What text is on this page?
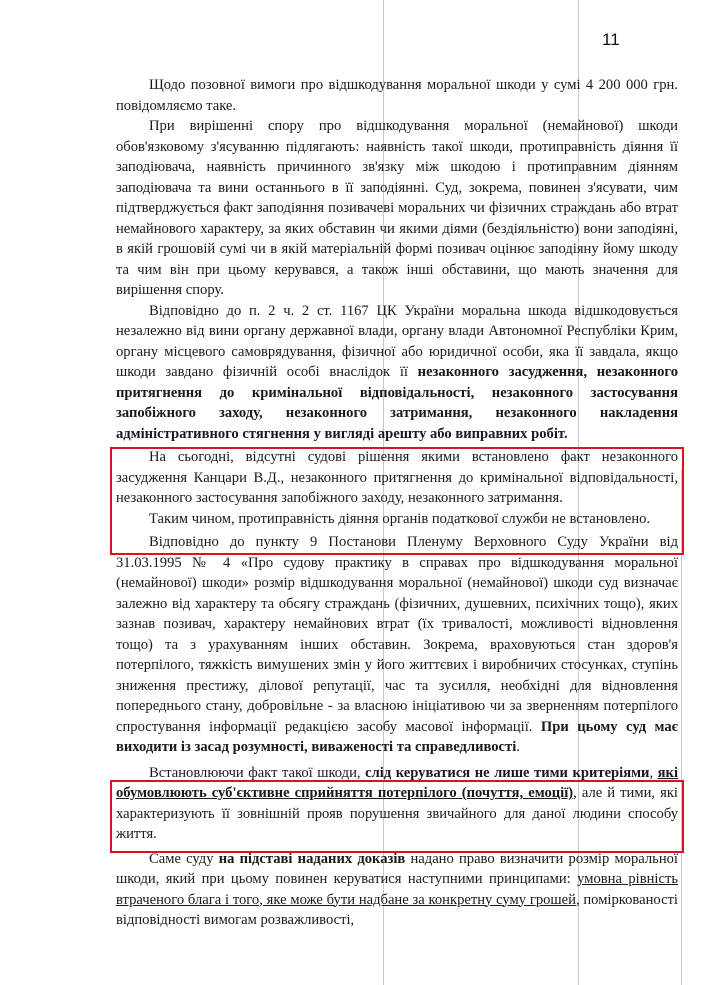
11

Щодо позовної вимоги про відшкодування моральної шкоди у сумі 4 200 000 грн. повідомляємо таке.

При вирішенні спору про відшкодування моральної (немайнової) шкоди обов'язковому з'ясуванню підлягають: наявність такої шкоди, протиправність діяння її заподіювача, наявність причинного зв'язку між шкодою і протиправним діянням заподіювача та вини останнього в її заподіянні. Суд, зокрема, повинен з'ясувати, чим підтверджується факт заподіяння позивачеві моральних чи фізичних страждань або втрат немайнового характеру, за яких обставин чи якими діями (бездіяльністю) вони заподіяні, в якій грошовій сумі чи в якій матеріальній формі позивач оцінює заподіяну йому шкоду та чим він при цьому керувався, а також інші обставини, що мають значення для вирішення спору.

Відповідно до п. 2 ч. 2 ст. 1167 ЦК України моральна шкода відшкодовується незалежно від вини органу державної влади, органу влади Автономної Республіки Крим, органу місцевого самоврядування, фізичної або юридичної особи, яка її завдала, якщо шкоди завдано фізичній особі внаслідок її незаконного засудження, незаконного притягнення до кримінальної відповідальності, незаконного застосування запобіжного заходу, незаконного затримання, незаконного накладення адміністративного стягнення у вигляді арешту або виправних робіт.

На сьогодні, відсутні судові рішення якими встановлено факт незаконного засудження Канцари В.Д., незаконного притягнення до кримінальної відповідальності, незаконного застосування запобіжного заходу, незаконного затримання.

Таким чином, протиправність діяння органів податкової служби не встановлено.

Відповідно до пункту 9 Постанови Пленуму Верховного Суду України від 31.03.1995 № 4 «Про судову практику в справах про відшкодування моральної (немайнової) шкоди» розмір відшкодування моральної (немайнової) шкоди суд визначає залежно від характеру та обсягу страждань (фізичних, душевних, психічних тощо), яких зазнав позивач, характеру немайнових втрат (їх тривалості, можливості відновлення тощо) та з урахуванням інших обставин. Зокрема, враховуються стан здоров'я потерпілого, тяжкість вимушених змін у його життєвих і виробничих стосунках, ступінь зниження престижу, ділової репутації, час та зусилля, необхідні для відновлення попереднього стану, добровільне - за власною ініціативою чи за зверненням потерпілого спростування інформації редакцією засобу масової інформації. При цьому суд має виходити із засад розумності, виваженості та справедливості.

Встановлюючи факт такої шкоди, слід керуватися не лише тими критеріями, які обумовлюють суб'єктивне сприйняття потерпілого (почуття, емоції), але й тими, які характеризують її зовнішній прояв порушення звичайного для даної людини способу життя.

Саме суду на підставі наданих доказів надано право визначити розмір моральної шкоди, який при цьому повинен керуватися наступними принципами: умовна рівність втраченого блага і того, яке може бути надбане за конкретну суму грошей, поміркованості відповідності вимогам розважливості,
